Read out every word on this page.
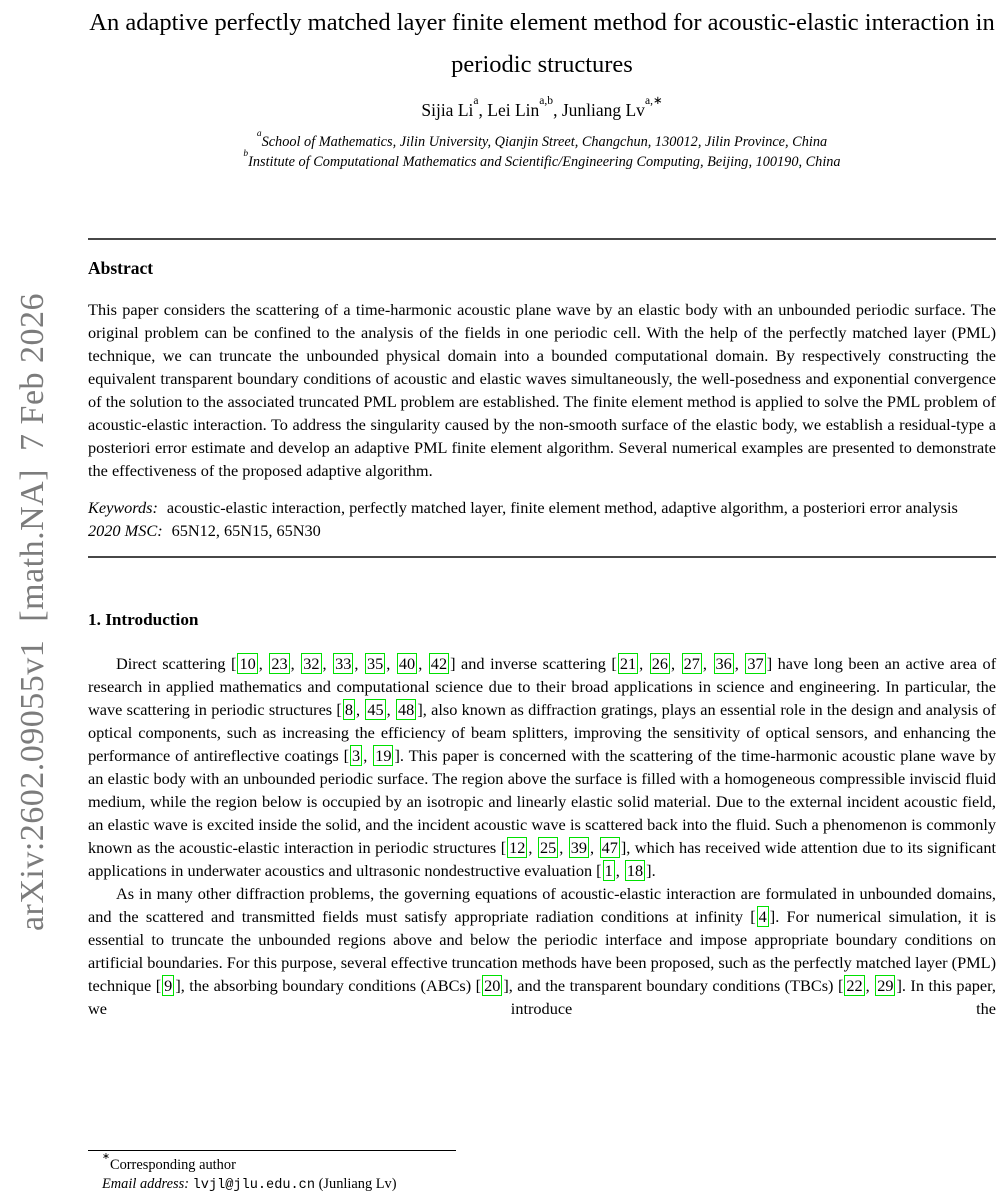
arXiv:2602.09055v1  [math.NA]  7 Feb 2026
An adaptive perfectly matched layer finite element method for acoustic-elastic interaction in periodic structures
Sijia Li$^a$, Lei Lin$^{a,b}$, Junliang $Lv^{a,∗}$
$^a$School of Mathematics, Jilin University, Qianjin Street, Changchun, 130012, Jilin Province, China
$^b$Institute of Computational Mathematics and Scientific/Engineering Computing, Beijing, 100190, China
Abstract

This paper considers the scattering of a time-harmonic acoustic plane wave by an elastic body with an unbounded periodic surface. The original problem can be confined to the analysis of the fields in one periodic cell. With the help of the perfectly matched layer (PML) technique, we can truncate the unbounded physical domain into a bounded computational domain. By respectively constructing the equivalent transparent boundary conditions of acoustic and elastic waves simultaneously, the well-posedness and exponential convergence of the solution to the associated truncated PML problem are established. The finite element method is applied to solve the PML problem of acoustic-elastic interaction. To address the singularity caused by the non-smooth surface of the elastic body, we establish a residual-type a posteriori error estimate and develop an adaptive PML finite element algorithm. Several numerical examples are presented to demonstrate the effectiveness of the proposed adaptive algorithm.

Keywords: acoustic-elastic interaction, perfectly matched layer, finite element method, adaptive algorithm, a posteriori error analysis
2020 MSC: 65N12, 65N15, 65N30
1. Introduction

Direct scattering [ 10 , 23 , 32 , 33 , 35 , 40 , 42 ] and inverse scattering [ 21 , 26 , 27 , 36 , 37 ] have long been an active area of research in applied mathematics and computational science due to their broad applications in science and engineering. In particular, the wave scattering in periodic structures [ 8 , 45 , 48 ], also known as diffraction gratings, plays an essential role in the design and analysis of optical components, such as increasing the efficiency of beam splitters, improving the sensitivity of optical sensors, and enhancing the performance of antireflective coatings [ 3 , 19 ]. This paper is concerned with the scattering of the time-harmonic acoustic plane wave by an elastic body with an unbounded periodic surface. The region above the surface is filled with a homogeneous compressible inviscid fluid medium, while the region below is occupied by an isotropic and linearly elastic solid material. Due to the external incident acoustic field, an elastic wave is excited inside the solid, and the incident acoustic wave is scattered back into the fluid. Such a phenomenon is commonly known as the acoustic-elastic interaction in periodic structures [ 12 , 25 , 39 , 47 ], which has received wide attention due to its significant applications in underwater acoustics and ultrasonic nondestructive evaluation [ 1 , 18 ].

As in many other diffraction problems, the governing equations of acoustic-elastic interaction are formulated in unbounded domains, and the scattered and transmitted fields must satisfy appropriate radiation conditions at infinity [ 4 ]. For numerical simulation, it is essential to truncate the unbounded regions above and below the periodic interface and impose appropriate boundary conditions on artificial boundaries. For this purpose, several effective truncation methods have been proposed, such as the perfectly matched layer (PML) technique [ 9 ], the absorbing boundary conditions (ABCs) [ 20 ], and the transparent boundary conditions (TBCs) [ 22 , 29 ]. In this paper, we introduce the

∗Corresponding author
Email address: lvjl@jlu.edu.cn (Junliang Lv)
